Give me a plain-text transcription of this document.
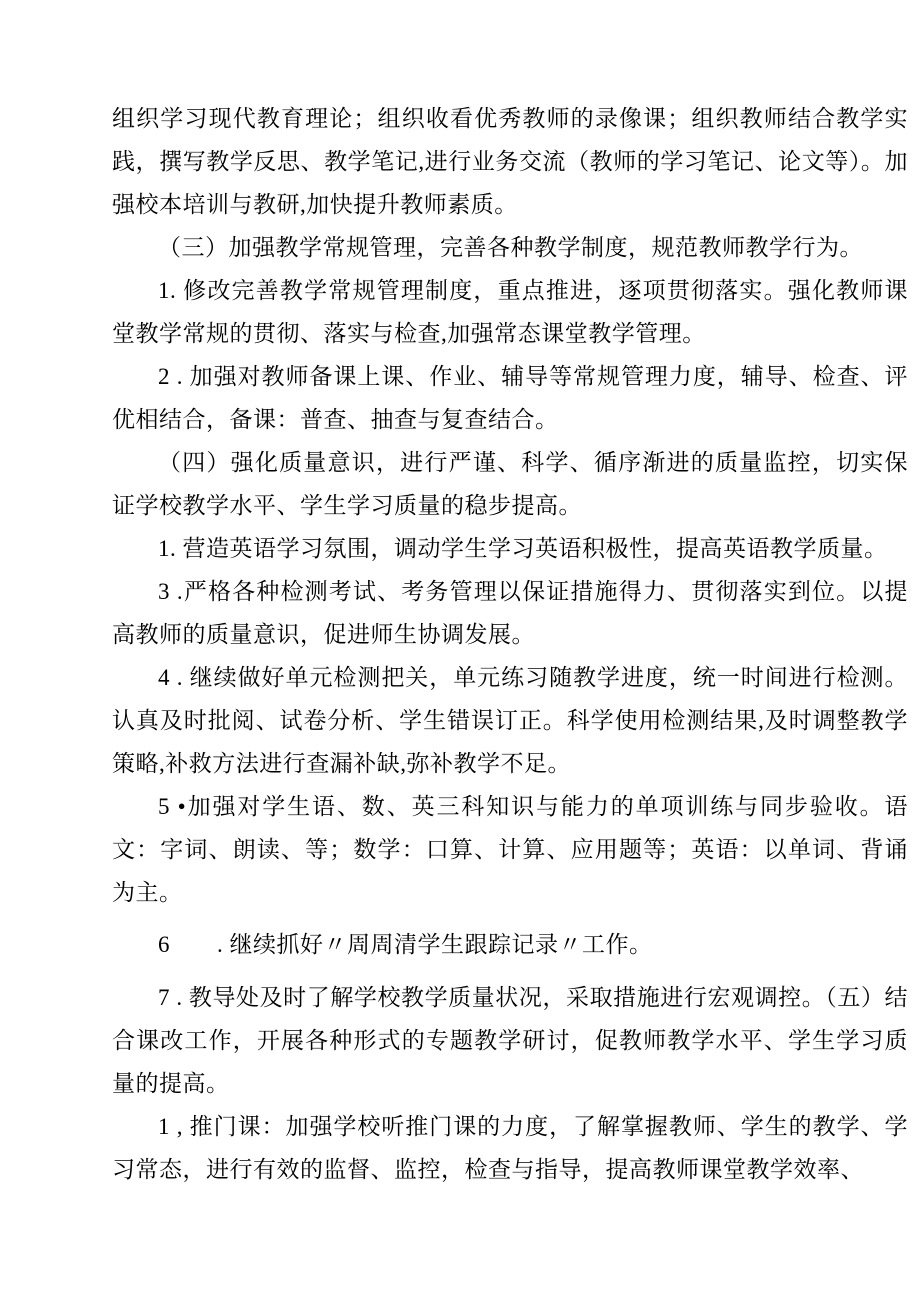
组织学习现代教育理论；组织收看优秀教师的录像课；组织教师结合教学实践，撰写教学反思、教学笔记,进行业务交流（教师的学习笔记、论文等）。加强校本培训与教研,加快提升教师素质。

（三）加强教学常规管理，完善各种教学制度，规范教师教学行为。

1. 修改完善教学常规管理制度，重点推进，逐项贯彻落实。强化教师课堂教学常规的贯彻、落实与检查,加强常态课堂教学管理。

2 . 加强对教师备课上课、作业、辅导等常规管理力度，辅导、检查、评优相结合，备课：普查、抽查与复查结合。

（四）强化质量意识，进行严谨、科学、循序渐进的质量监控，切实保证学校教学水平、学生学习质量的稳步提高。

1. 营造英语学习氛围，调动学生学习英语积极性，提高英语教学质量。

3 .严格各种检测考试、考务管理以保证措施得力、贯彻落实到位。以提高教师的质量意识，促进师生协调发展。

4 . 继续做好单元检测把关，单元练习随教学进度，统一时间进行检测。认真及时批阅、试卷分析、学生错误订正。科学使用检测结果,及时调整教学策略,补救方法进行查漏补缺,弥补教学不足。

5 •加强对学生语、数、英三科知识与能力的单项训练与同步验收。语文：字词、朗读、等；数学：口算、计算、应用题等；英语：以单词、背诵为主。

6　　. 继续抓好〃周周清学生跟踪记录〃工作。

7 . 教导处及时了解学校教学质量状况，采取措施进行宏观调控。（五）结合课改工作，开展各种形式的专题教学研讨，促教师教学水平、学生学习质量的提高。

1 , 推门课：加强学校听推门课的力度，了解掌握教师、学生的教学、学习常态，进行有效的监督、监控，检查与指导，提高教师课堂教学效率、
